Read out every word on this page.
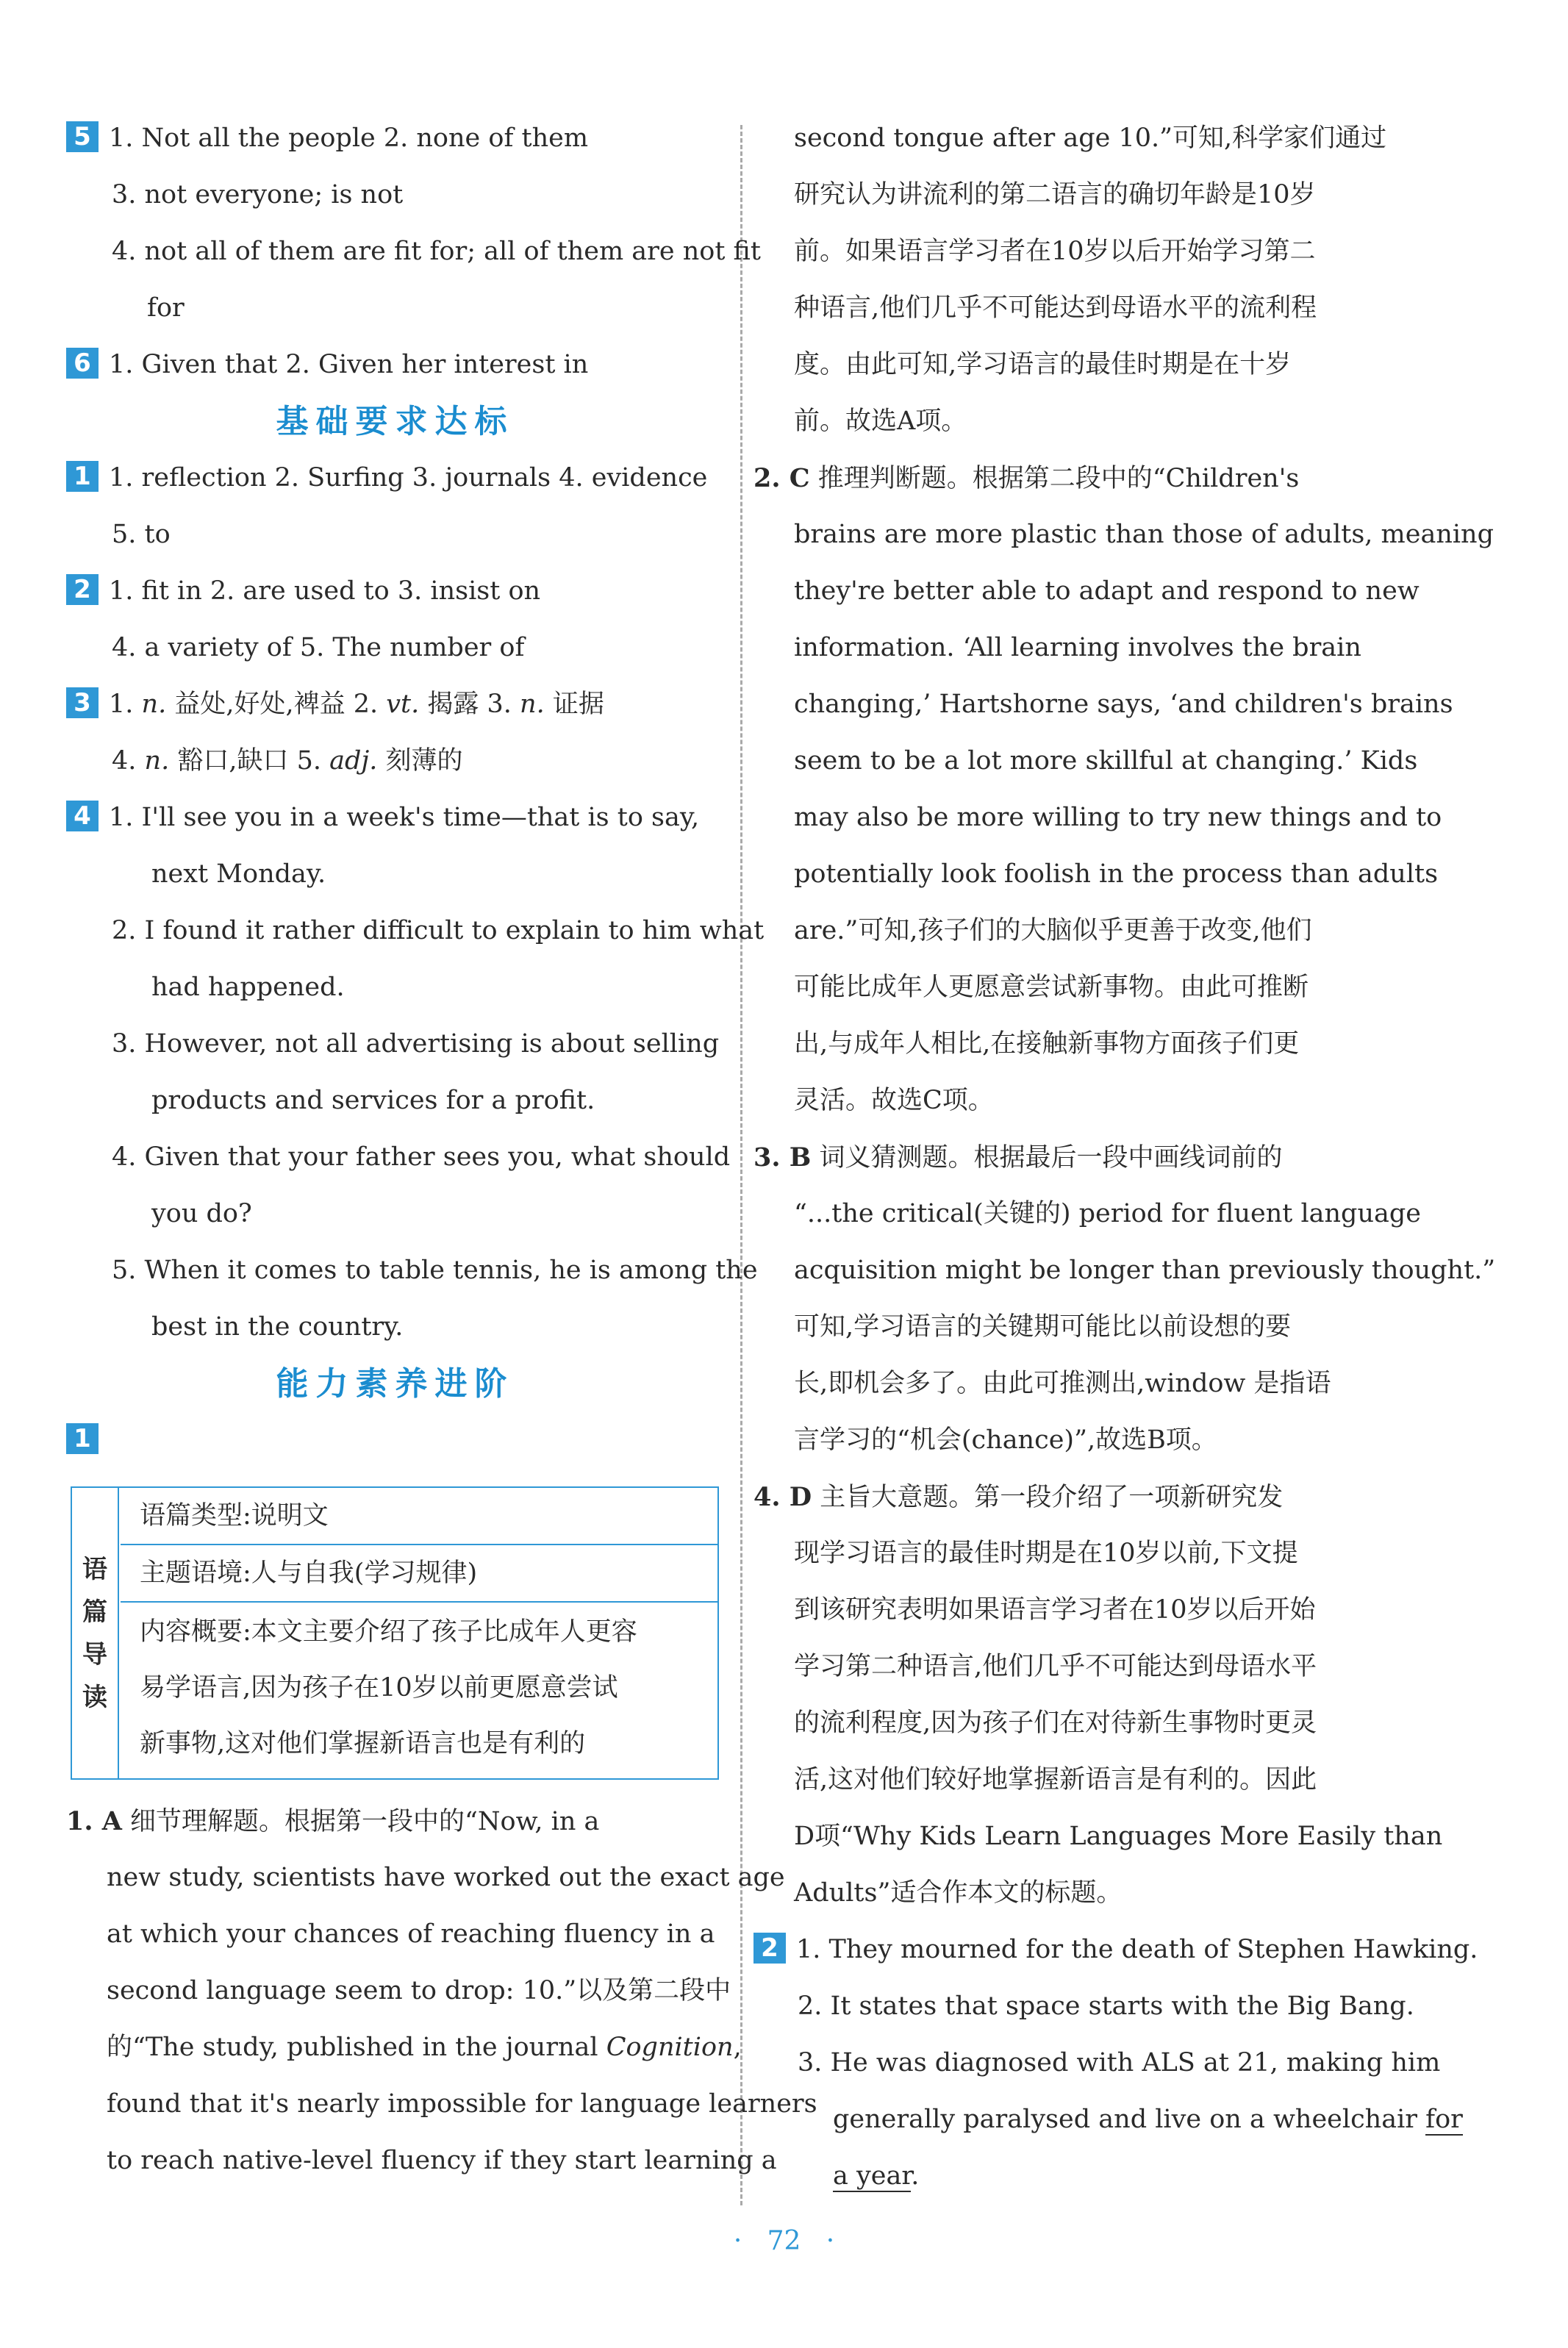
5 1. Not all the people 2. none of them
3. not everyone; is not
4. not all of them are fit for; all of them are not fit
for
6 1. Given that 2. Given her interest in
基础要求达标
1 1. reflection 2. Surfing 3. journals 4. evidence
5. to
2 1. fit in 2. are used to 3. insist on
4. a variety of 5. The number of
3 1. n. 益处,好处,裨益 2. vt. 揭露 3. n. 证据
4. n. 豁口,缺口 5. adj. 刻薄的
4 1. I'll see you in a week's time—that is to say,
next Monday.
2. I found it rather difficult to explain to him what
had happened.
3. However, not all advertising is about selling
products and services for a profit.
4. Given that your father sees you, what should
you do?
5. When it comes to table tennis, he is among the
best in the country.
能力素养进阶
1
语
篇
导
读
语篇类型:说明文
主题语境:人与自我(学习规律)
内容概要:本文主要介绍了孩子比成年人更容
易学语言,因为孩子在10岁以前更愿意尝试
新事物,这对他们掌握新语言也是有利的
1. A 细节理解题。根据第一段中的“Now, in a
new study, scientists have worked out the exact age
at which your chances of reaching fluency in a
second language seem to drop: 10.”以及第二段中
的“The study, published in the journal Cognition,
found that it's nearly impossible for language learners
to reach native-level fluency if they start learning a
second tongue after age 10.”可知,科学家们通过
研究认为讲流利的第二语言的确切年龄是10岁
前。如果语言学习者在10岁以后开始学习第二
种语言,他们几乎不可能达到母语水平的流利程
度。由此可知,学习语言的最佳时期是在十岁
前。故选A项。
2. C 推理判断题。根据第二段中的“Children's
brains are more plastic than those of adults, meaning
they're better able to adapt and respond to new
information. ‘All learning involves the brain
changing,’ Hartshorne says, ‘and children's brains
seem to be a lot more skillful at changing.’ Kids
may also be more willing to try new things and to
potentially look foolish in the process than adults
are.”可知,孩子们的大脑似乎更善于改变,他们
可能比成年人更愿意尝试新事物。由此可推断
出,与成年人相比,在接触新事物方面孩子们更
灵活。故选C项。
3. B 词义猜测题。根据最后一段中画线词前的
“...the critical(关键的) period for fluent language
acquisition might be longer than previously thought.”
可知,学习语言的关键期可能比以前设想的要
长,即机会多了。由此可推测出,window 是指语
言学习的“机会(chance)”,故选B项。
4. D 主旨大意题。第一段介绍了一项新研究发
现学习语言的最佳时期是在10岁以前,下文提
到该研究表明如果语言学习者在10岁以后开始
学习第二种语言,他们几乎不可能达到母语水平
的流利程度,因为孩子们在对待新生事物时更灵
活,这对他们较好地掌握新语言是有利的。因此
D项“Why Kids Learn Languages More Easily than
Adults”适合作本文的标题。
2 1. They mourned for the death of Stephen Hawking.
2. It states that space starts with the Big Bang.
3. He was diagnosed with ALS at 21, making him
generally paralysed and live on a wheelchair for
a year.
·   72   ·
